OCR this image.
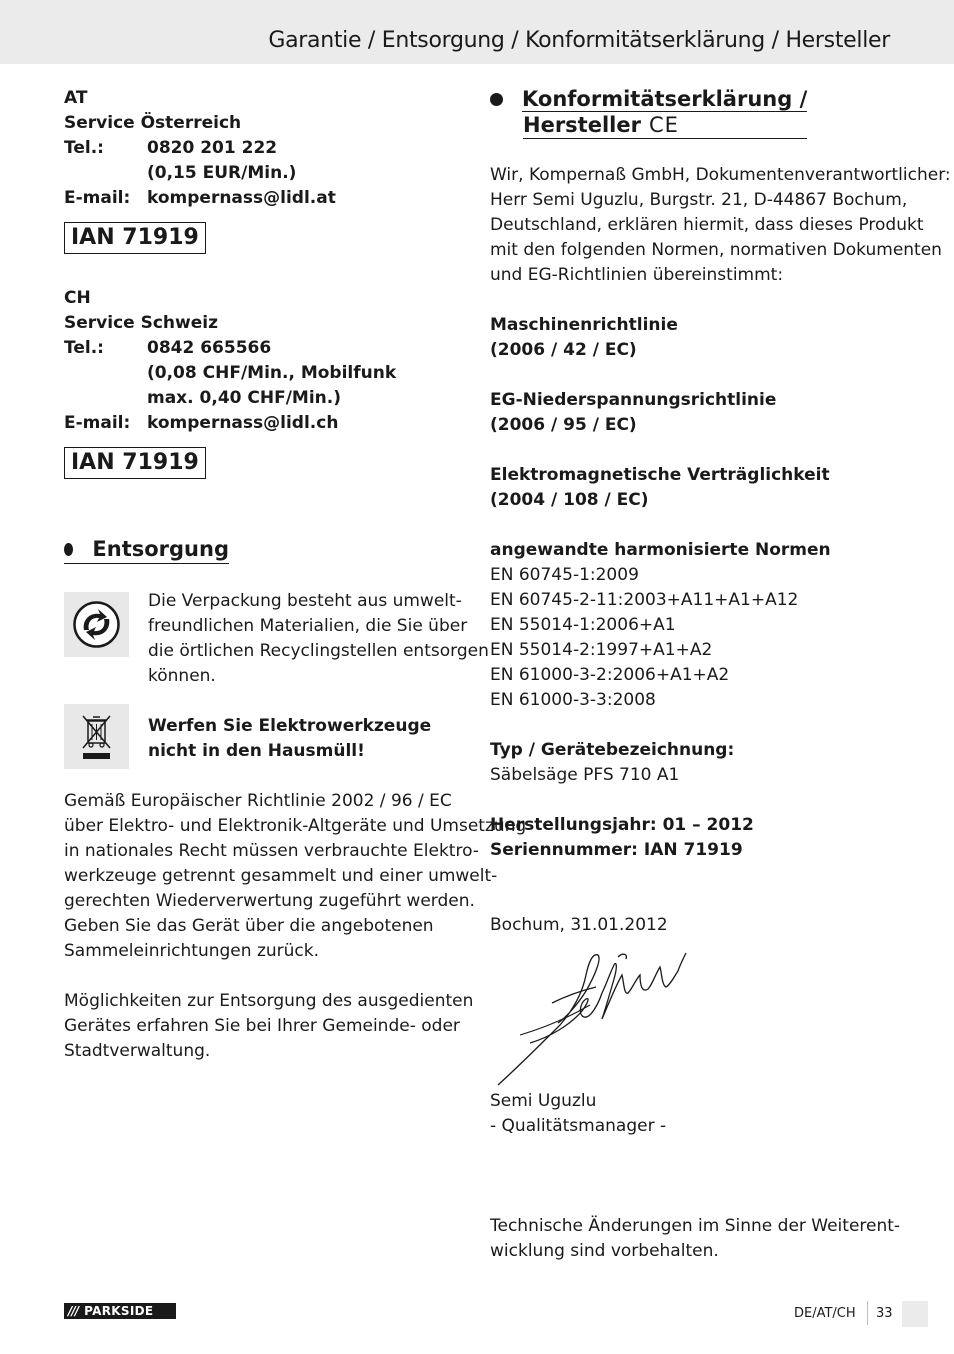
Garantie / Entsorgung / Konformitätserklärung / Hersteller
AT
Service Österreich
Tel.:	0820 201 222
(0,15 EUR/Min.)
E-mail: kompernass@lidl.at
IAN 71919
CH
Service Schweiz
Tel.:	0842 665566
(0,08 CHF/Min., Mobilfunk
max. 0,40 CHF/Min.)
E-mail: kompernass@lidl.ch
IAN 71919
Entsorgung
Die Verpackung besteht aus umwelt-
freundlichen Materialien, die Sie über
die örtlichen Recyclingstellen entsorgen
können.
Werfen Sie Elektrowerkzeuge
nicht in den Hausmüll!
Gemäß Europäischer Richtlinie 2002 / 96 / EC
über Elektro- und Elektronik-Altgeräte und Umsetzung
in nationales Recht müssen verbrauchte Elektro-
werkzeuge getrennt gesammelt und einer umwelt-
gerechten Wiederverwertung zugeführt werden.
Geben Sie das Gerät über die angebotenen
Sammeleinrichtungen zurück.
Möglichkeiten zur Entsorgung des ausgedienten
Gerätes erfahren Sie bei Ihrer Gemeinde- oder
Stadtverwaltung.
Konformitätserklärung /
Hersteller CE
Wir, Kompernaß GmbH, Dokumentenverantwortlicher:
Herr Semi Uguzlu, Burgstr. 21, D-44867 Bochum,
Deutschland, erklären hiermit, dass dieses Produkt
mit den folgenden Normen, normativen Dokumenten
und EG-Richtlinien übereinstimmt:
Maschinenrichtlinie
(2006 / 42 / EC)
EG-Niederspannungsrichtlinie
(2006 / 95 / EC)
Elektromagnetische Verträglichkeit
(2004 / 108 / EC)
angewandte harmonisierte Normen
EN 60745-1:2009
EN 60745-2-11:2003+A11+A1+A12
EN 55014-1:2006+A1
EN 55014-2:1997+A1+A2
EN 61000-3-2:2006+A1+A2
EN 61000-3-3:2008
Typ / Gerätebezeichnung:
Säbelsäge PFS 710 A1
Herstellungsjahr: 01 – 2012
Seriennummer: IAN 71919
Bochum, 31.01.2012
Semi Uguzlu
- Qualitätsmanager -
Technische Änderungen im Sinne der Weiterent-
wicklung sind vorbehalten.
/// PARKSIDE	DE/AT/CH 33
